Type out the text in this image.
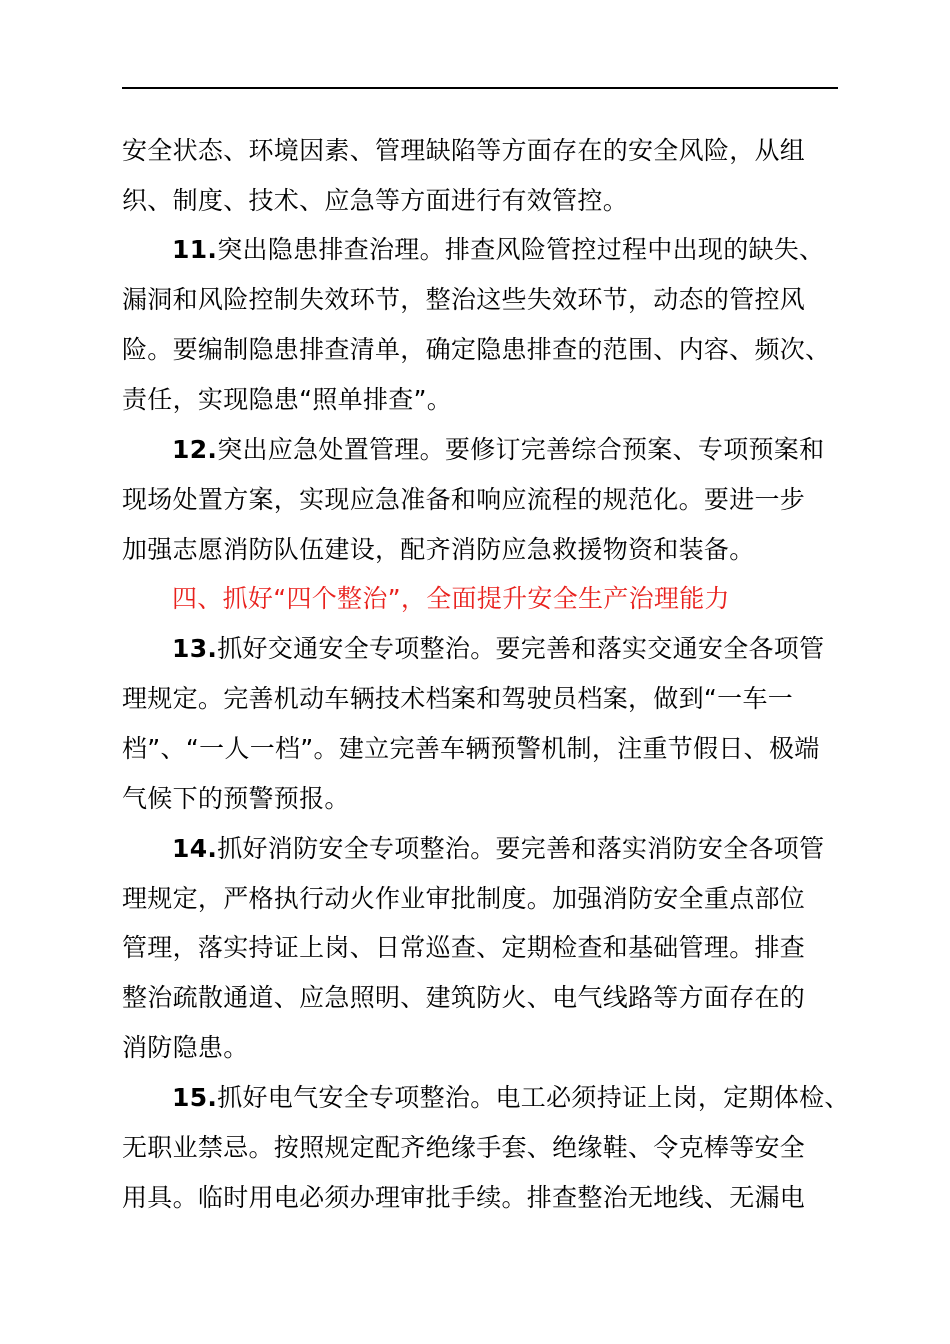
安全状态、环境因素、管理缺陷等方面存在的安全风险，从组
织、制度、技术、应急等方面进行有效管控。
11.突出隐患排查治理。排查风险管控过程中出现的缺失、
漏洞和风险控制失效环节，整治这些失效环节，动态的管控风
险。要编制隐患排查清单，确定隐患排查的范围、内容、频次、
责任，实现隐患“照单排查”。
12.突出应急处置管理。要修订完善综合预案、专项预案和
现场处置方案，实现应急准备和响应流程的规范化。要进一步
加强志愿消防队伍建设，配齐消防应急救援物资和装备。
四、抓好“四个整治”，全面提升安全生产治理能力
13.抓好交通安全专项整治。要完善和落实交通安全各项管
理规定。完善机动车辆技术档案和驾驶员档案，做到“一车一
档”、“一人一档”。建立完善车辆预警机制，注重节假日、极端
气候下的预警预报。
14.抓好消防安全专项整治。要完善和落实消防安全各项管
理规定，严格执行动火作业审批制度。加强消防安全重点部位
管理，落实持证上岗、日常巡查、定期检查和基础管理。排查
整治疏散通道、应急照明、建筑防火、电气线路等方面存在的
消防隐患。
15.抓好电气安全专项整治。电工必须持证上岗，定期体检、
无职业禁忌。按照规定配齐绝缘手套、绝缘鞋、令克棒等安全
用具。临时用电必须办理审批手续。排查整治无地线、无漏电
